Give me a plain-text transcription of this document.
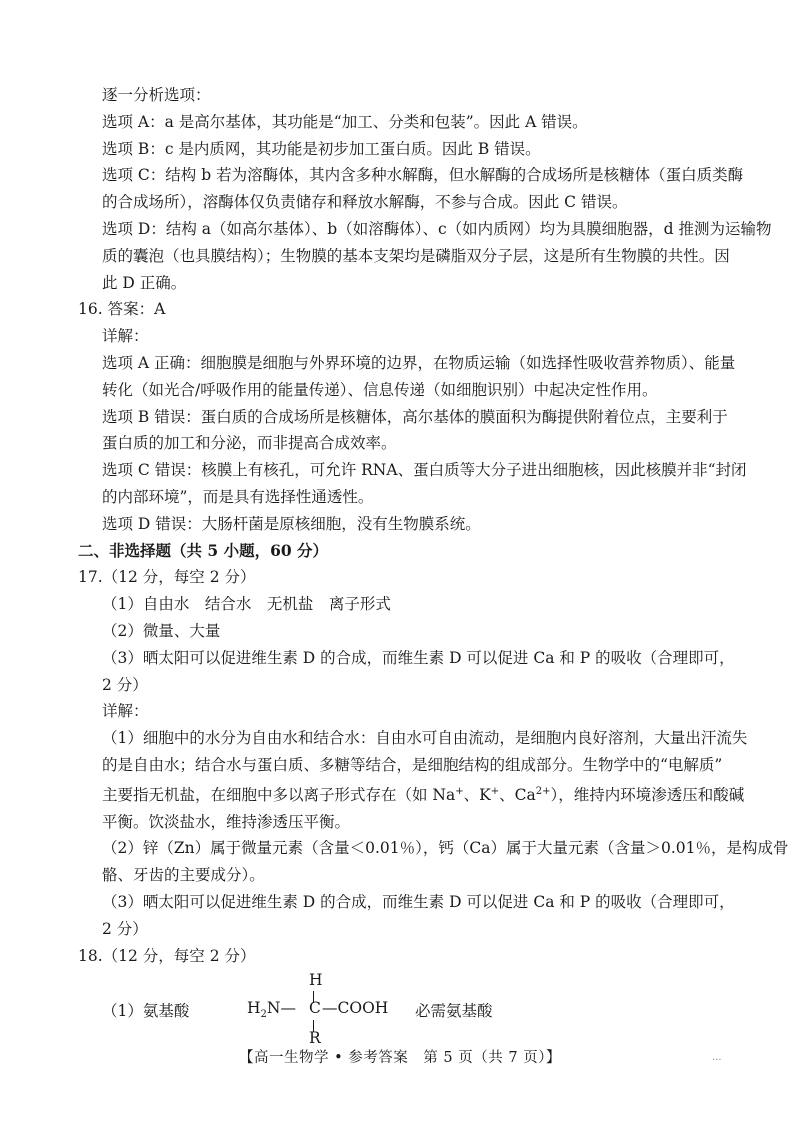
逐一分析选项：
选项 A：a 是高尔基体，其功能是“加工、分类和包装”。因此 A 错误。
选项 B：c 是内质网，其功能是初步加工蛋白质。因此 B 错误。
选项 C：结构 b 若为溶酶体，其内含多种水解酶，但水解酶的合成场所是核糖体（蛋白质类酶
的合成场所），溶酶体仅负责储存和释放水解酶，不参与合成。因此 C 错误。
选项 D：结构 a（如高尔基体）、b（如溶酶体）、c（如内质网）均为具膜细胞器，d 推测为运输物
质的囊泡（也具膜结构）；生物膜的基本支架均是磷脂双分子层，这是所有生物膜的共性。因
此 D 正确。
16. 答案：A
详解：
选项 A 正确：细胞膜是细胞与外界环境的边界，在物质运输（如选择性吸收营养物质）、能量
转化（如光合/呼吸作用的能量传递）、信息传递（如细胞识别）中起决定性作用。
选项 B 错误：蛋白质的合成场所是核糖体，高尔基体的膜面积为酶提供附着位点，主要利于
蛋白质的加工和分泌，而非提高合成效率。
选项 C 错误：核膜上有核孔，可允许 RNA、蛋白质等大分子进出细胞核，因此核膜并非“封闭
的内部环境”，而是具有选择性通透性。
选项 D 错误：大肠杆菌是原核细胞，没有生物膜系统。
二、非选择题（共 5 小题，60 分）
17.（12 分，每空 2 分）
（1）自由水　结合水　无机盐　离子形式
（2）微量、大量
（3）晒太阳可以促进维生素 D 的合成，而维生素 D 可以促进 Ca 和 P 的吸收（合理即可，
2 分）
详解：
（1）细胞中的水分为自由水和结合水：自由水可自由流动，是细胞内良好溶剂，大量出汗流失
的是自由水；结合水与蛋白质、多糖等结合，是细胞结构的组成部分。生物学中的“电解质”
主要指无机盐，在细胞中多以离子形式存在（如 Na+、K+、$Ca^{2+}$），维持内环境渗透压和酸碱
平衡。饮淡盐水，维持渗透压平衡。
（2）锌（Zn）属于微量元素（含量＜0.01％），钙（Ca）属于大量元素（含量＞0.01％，是构成骨
骼、牙齿的主要成分）。
（3）晒太阳可以促进维生素 D 的合成，而维生素 D 可以促进 Ca 和 P 的吸收（合理即可，
2 分）
18.（12 分，每空 2 分）
（1）氨基酸
H
$H_2N—$ C —COOH
R
必需氨基酸
【高一生物学 • 参考答案　第 5 页（共 7 页）】	...
